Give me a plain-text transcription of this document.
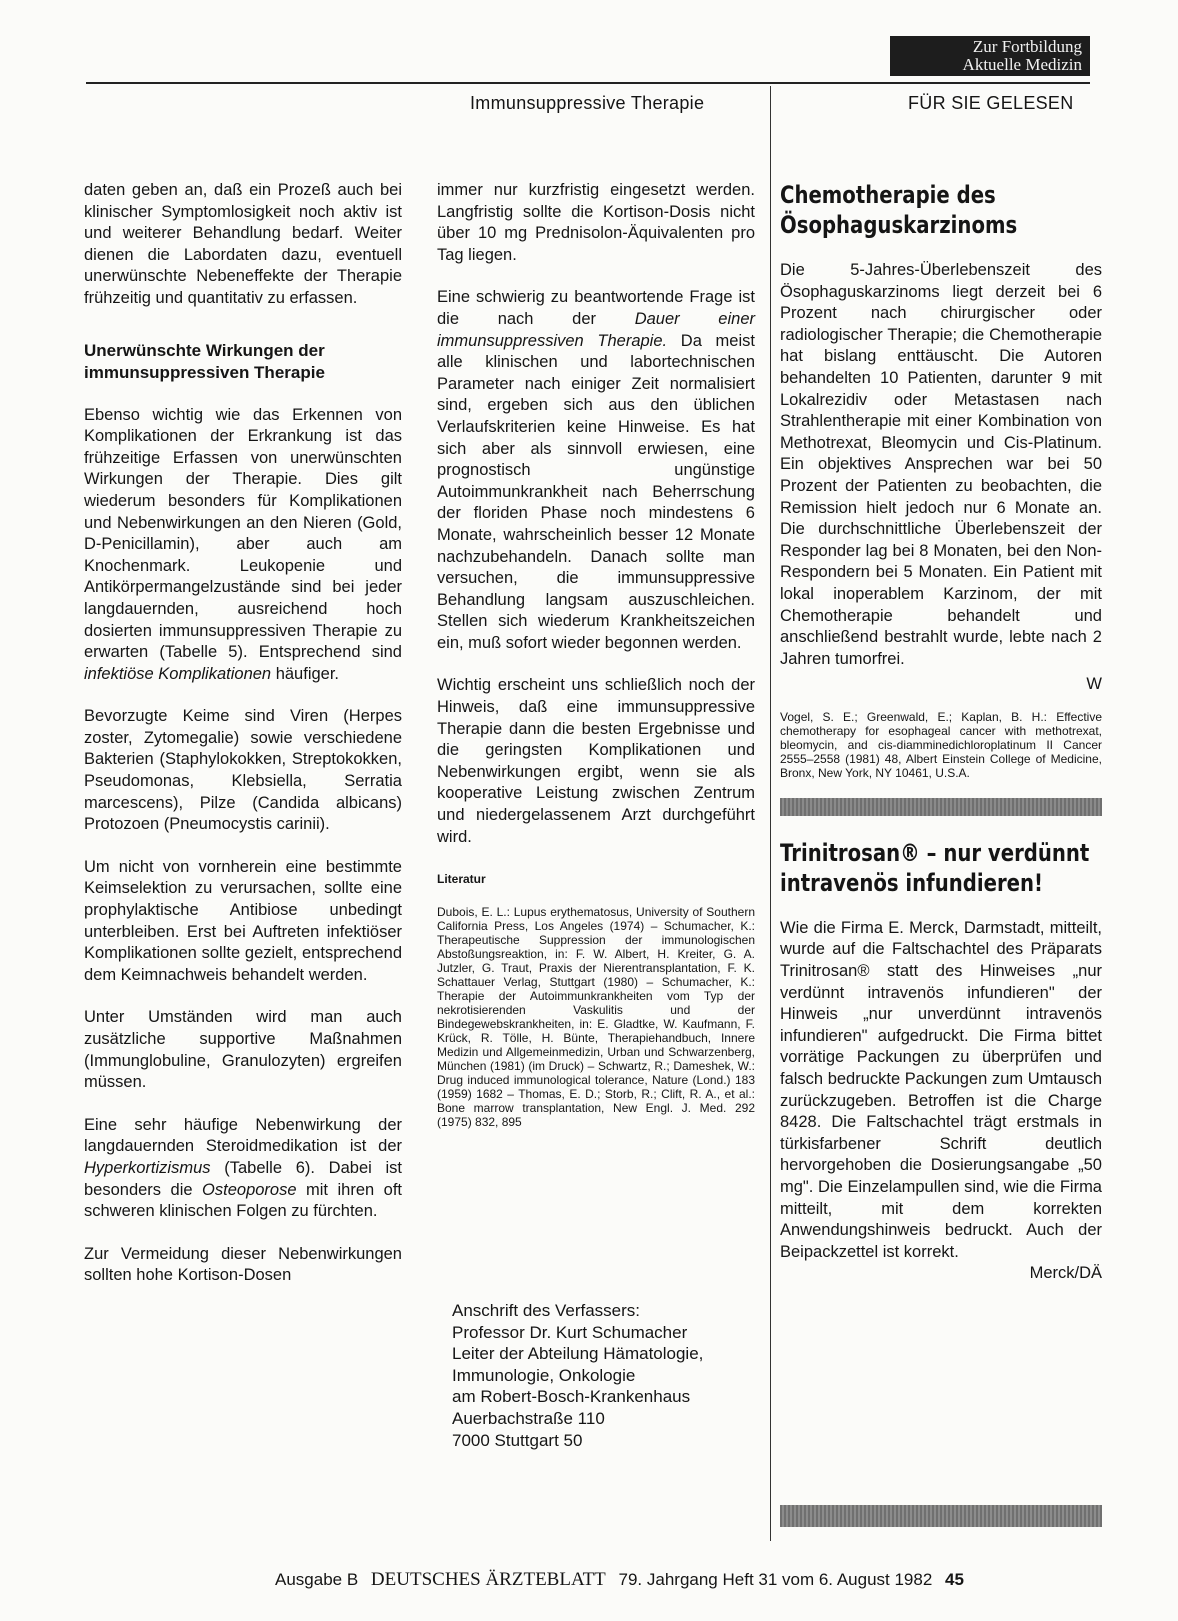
Zur Fortbildung
Aktuelle Medizin
Immunsuppressive Therapie	FÜR SIE GELESEN

daten geben an, daß ein Prozeß auch bei klinischer Symptomlosigkeit noch aktiv ist und weiterer Behandlung bedarf. Weiter dienen die Labordaten dazu, eventuell unerwünschte Nebeneffekte der Therapie frühzeitig und quantitativ zu erfassen.

Unerwünschte Wirkungen der immunsuppressiven Therapie

Ebenso wichtig wie das Erkennen von Komplikationen der Erkrankung ist das frühzeitige Erfassen von unerwünschten Wirkungen der Therapie. Dies gilt wiederum besonders für Komplikationen und Nebenwirkungen an den Nieren (Gold, D-Penicillamin), aber auch am Knochenmark. Leukopenie und Antikörpermangelzustände sind bei jeder langdauernden, ausreichend hoch dosierten immunsuppressiven Therapie zu erwarten (Tabelle 5). Entsprechend sind infektiöse Komplikationen häufiger.

Bevorzugte Keime sind Viren (Herpes zoster, Zytomegalie) sowie verschiedene Bakterien (Staphylokokken, Streptokokken, Pseudomonas, Klebsiella, Serratia marcescens), Pilze (Candida albicans) Protozoen (Pneumocystis carinii).

Um nicht von vornherein eine bestimmte Keimselektion zu verursachen, sollte eine prophylaktische Antibiose unbedingt unterbleiben. Erst bei Auftreten infektiöser Komplikationen sollte gezielt, entsprechend dem Keimnachweis behandelt werden.

Unter Umständen wird man auch zusätzliche supportive Maßnahmen (Immunglobuline, Granulozyten) ergreifen müssen.

Eine sehr häufige Nebenwirkung der langdauernden Steroidmedikation ist der Hyperkortizismus (Tabelle 6). Dabei ist besonders die Osteoporose mit ihren oft schweren klinischen Folgen zu fürchten.

Zur Vermeidung dieser Nebenwirkungen sollten hohe Kortison-Dosen

immer nur kurzfristig eingesetzt werden. Langfristig sollte die Kortison-Dosis nicht über 10 mg Prednisolon-Äquivalenten pro Tag liegen.

Eine schwierig zu beantwortende Frage ist die nach der Dauer einer immunsuppressiven Therapie. Da meist alle klinischen und labortechnischen Parameter nach einiger Zeit normalisiert sind, ergeben sich aus den üblichen Verlaufskriterien keine Hinweise. Es hat sich aber als sinnvoll erwiesen, eine prognostisch ungünstige Autoimmunkrankheit nach Beherrschung der floriden Phase noch mindestens 6 Monate, wahrscheinlich besser 12 Monate nachzubehandeln. Danach sollte man versuchen, die immunsuppressive Behandlung langsam auszuschleichen. Stellen sich wiederum Krankheitszeichen ein, muß sofort wieder begonnen werden.

Wichtig erscheint uns schließlich noch der Hinweis, daß eine immunsuppressive Therapie dann die besten Ergebnisse und die geringsten Komplikationen und Nebenwirkungen ergibt, wenn sie als kooperative Leistung zwischen Zentrum und niedergelassenem Arzt durchgeführt wird.

Literatur
Dubois, E. L.: Lupus erythematosus, University of Southern California Press, Los Angeles (1974) – Schumacher, K.: Therapeutische Suppression der immunologischen Abstoßungsreaktion, in: F. W. Albert, H. Kreiter, G. A. Jutzler, G. Traut, Praxis der Nierentransplantation, F. K. Schattauer Verlag, Stuttgart (1980) – Schumacher, K.: Therapie der Autoimmunkrankheiten vom Typ der nekrotisierenden Vaskulitis und der Bindegewebskrankheiten, in: E. Gladtke, W. Kaufmann, F. Krück, R. Tölle, H. Bünte, Therapiehandbuch, Innere Medizin und Allgemeinmedizin, Urban und Schwarzenberg, München (1981) (im Druck) – Schwartz, R.; Dameshek, W.: Drug induced immunological tolerance, Nature (Lond.) 183 (1959) 1682 – Thomas, E. D.; Storb, R.; Clift, R. A., et al.: Bone marrow transplantation, New Engl. J. Med. 292 (1975) 832, 895
Anschrift des Verfassers:
Professor Dr. Kurt Schumacher
Leiter der Abteilung Hämatologie,
Immunologie, Onkologie
am Robert-Bosch-Krankenhaus
Auerbachstraße 110
7000 Stuttgart 50
Chemotherapie des Ösophaguskarzinoms

Die 5-Jahres-Überlebenszeit des Ösophaguskarzinoms liegt derzeit bei 6 Prozent nach chirurgischer oder radiologischer Therapie; die Chemotherapie hat bislang enttäuscht. Die Autoren behandelten 10 Patienten, darunter 9 mit Lokalrezidiv oder Metastasen nach Strahlentherapie mit einer Kombination von Methotrexat, Bleomycin und Cis-Platinum. Ein objektives Ansprechen war bei 50 Prozent der Patienten zu beobachten, die Remission hielt jedoch nur 6 Monate an. Die durchschnittliche Überlebenszeit der Responder lag bei 8 Monaten, bei den Non-Respondern bei 5 Monaten. Ein Patient mit lokal inoperablem Karzinom, der mit Chemotherapie behandelt und anschließend bestrahlt wurde, lebte nach 2 Jahren tumorfrei.

W
Vogel, S. E.; Greenwald, E.; Kaplan, B. H.: Effective chemotherapy for esophageal cancer with methotrexat, bleomycin, and cis-diamminedichloroplatinum II Cancer 2555–2558 (1981) 48, Albert Einstein College of Medicine, Bronx, New York, NY 10461, U.S.A.
Trinitrosan® – nur verdünnt intravenös infundieren!

Wie die Firma E. Merck, Darmstadt, mitteilt, wurde auf die Faltschachtel des Präparats Trinitrosan® statt des Hinweises „nur verdünnt intravenös infundieren" der Hinweis „nur unverdünnt intravenös infundieren" aufgedruckt. Die Firma bittet vorrätige Packungen zu überprüfen und falsch bedruckte Packungen zum Umtausch zurückzugeben. Betroffen ist die Charge 8428. Die Faltschachtel trägt erstmals in türkisfarbener Schrift deutlich hervorgehoben die Dosierungsangabe „50 mg". Die Einzelampullen sind, wie die Firma mitteilt, mit dem korrekten Anwendungshinweis bedruckt. Auch der Beipackzettel ist korrekt.

Merck/DÄ
Ausgabe B DEUTSCHES ÄRZTEBLATT 79. Jahrgang Heft 31 vom 6. August 1982 45
